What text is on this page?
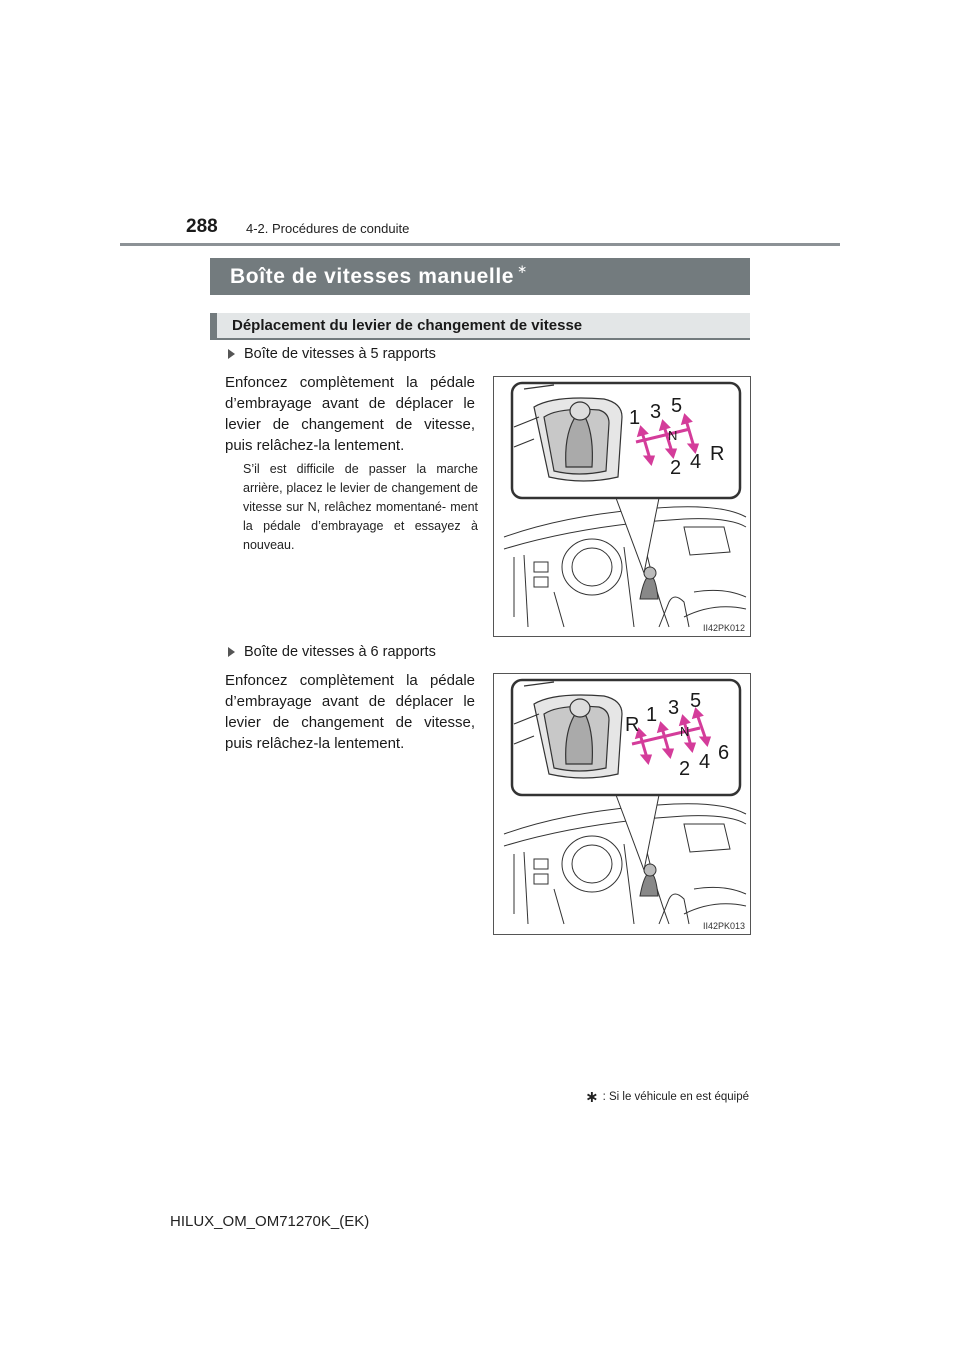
288 4-2. Procédures de conduite
Boîte de vitesses manuelle ∗
Déplacement du levier de changement de vitesse
Boîte de vitesses à 5 rapports
Enfoncez complètement la pédale d’embrayage avant de déplacer le levier de changement de vitesse, puis relâchez-la lentement.
S’il est difficile de passer la marche arrière, placez le levier de changement de vitesse sur N, relâchez momentané- ment la pédale d’embrayage et essayez à nouveau.
1 3 5
N
2 4 R
II42PK012
Boîte de vitesses à 6 rapports
Enfoncez complètement la pédale d’embrayage avant de déplacer le levier de changement de vitesse, puis relâchez-la lentement.
R 1 3 5
N
2 4 6
II42PK013
∗ : Si le véhicule en est équipé
HILUX_OM_OM71270K_(EK)
